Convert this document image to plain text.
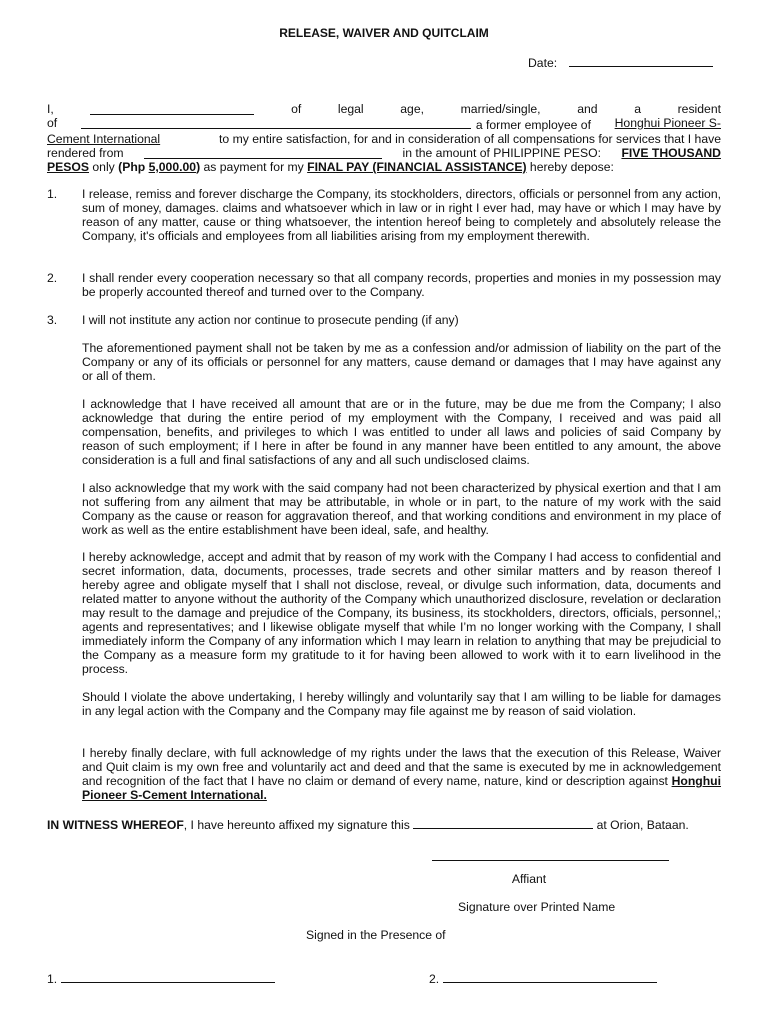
RELEASE, WAIVER AND QUITCLAIM
Date:
I,	of	legal	age,	married/single,	and	a	resident
of	a former employee of Honghui Pioneer S-
Cement International	to my entire satisfaction, for and in consideration of all compensations for services that I have
rendered from	in the amount of PHILIPPINE PESO: FIVE THOUSAND
PESOS only (Php 5,000.00) as payment for my FINAL PAY (FINANCIAL ASSISTANCE) hereby depose:
1.	I release, remiss and forever discharge the Company, its stockholders, directors, officials or personnel from any action, sum of money, damages. claims and whatsoever which in law or in right I ever had, may have or which I may have by reason of any matter, cause or thing whatsoever, the intention hereof being to completely and absolutely release the Company, it's officials and employees from all liabilities arising from my employment therewith.
2.	I shall render every cooperation necessary so that all company records, properties and monies in my possession may be properly accounted thereof and turned over to the Company.
3.	I will not institute any action nor continue to prosecute pending (if any)
The aforementioned payment shall not be taken by me as a confession and/or admission of liability on the part of the Company or any of its officials or personnel for any matters, cause demand or damages that I may have against any or all of them.
I acknowledge that I have received all amount that are or in the future, may be due me from the Company; I also acknowledge that during the entire period of my employment with the Company, I received and was paid all compensation, benefits, and privileges to which I was entitled to under all laws and policies of said Company by reason of such employment; if I here in after be found in any manner have been entitled to any amount, the above consideration is a full and final satisfactions of any and all such undisclosed claims.
I also acknowledge that my work with the said company had not been characterized by physical exertion and that I am not suffering from any ailment that may be attributable, in whole or in part, to the nature of my work with the said Company as the cause or reason for aggravation thereof, and that working conditions and environment in my place of work as well as the entire establishment have been ideal, safe, and healthy.
I hereby acknowledge, accept and admit that by reason of my work with the Company I had access to confidential and secret information, data, documents, processes, trade secrets and other similar matters and by reason thereof I hereby agree and obligate myself that I shall not disclose, reveal, or divulge such information, data, documents and related matter to anyone without the authority of the Company which unauthorized disclosure, revelation or declaration may result to the damage and prejudice of the Company, its business, its stockholders, directors, officials, personnel,; agents and representatives; and I likewise obligate myself that while I’m no longer working with the Company, I shall immediately inform the Company of any information which I may learn in relation to anything that may be prejudicial to the Company as a measure form my gratitude to it for having been allowed to work with it to earn livelihood in the process.
Should I violate the above undertaking, I hereby willingly and voluntarily say that I am willing to be liable for damages in any legal action with the Company and the Company may file against me by reason of said violation.
I hereby finally declare, with full acknowledge of my rights under the laws that the execution of this Release, Waiver and Quit claim is my own free and voluntarily act and deed and that the same is executed by me in acknowledgement and recognition of the fact that I have no claim or demand of every name, nature, kind or description against Honghui Pioneer S-Cement International.
IN WITNESS WHEREOF, I have hereunto affixed my signature this	at Orion, Bataan.
Affiant
Signature over Printed Name
Signed in the Presence of
1.	2.
